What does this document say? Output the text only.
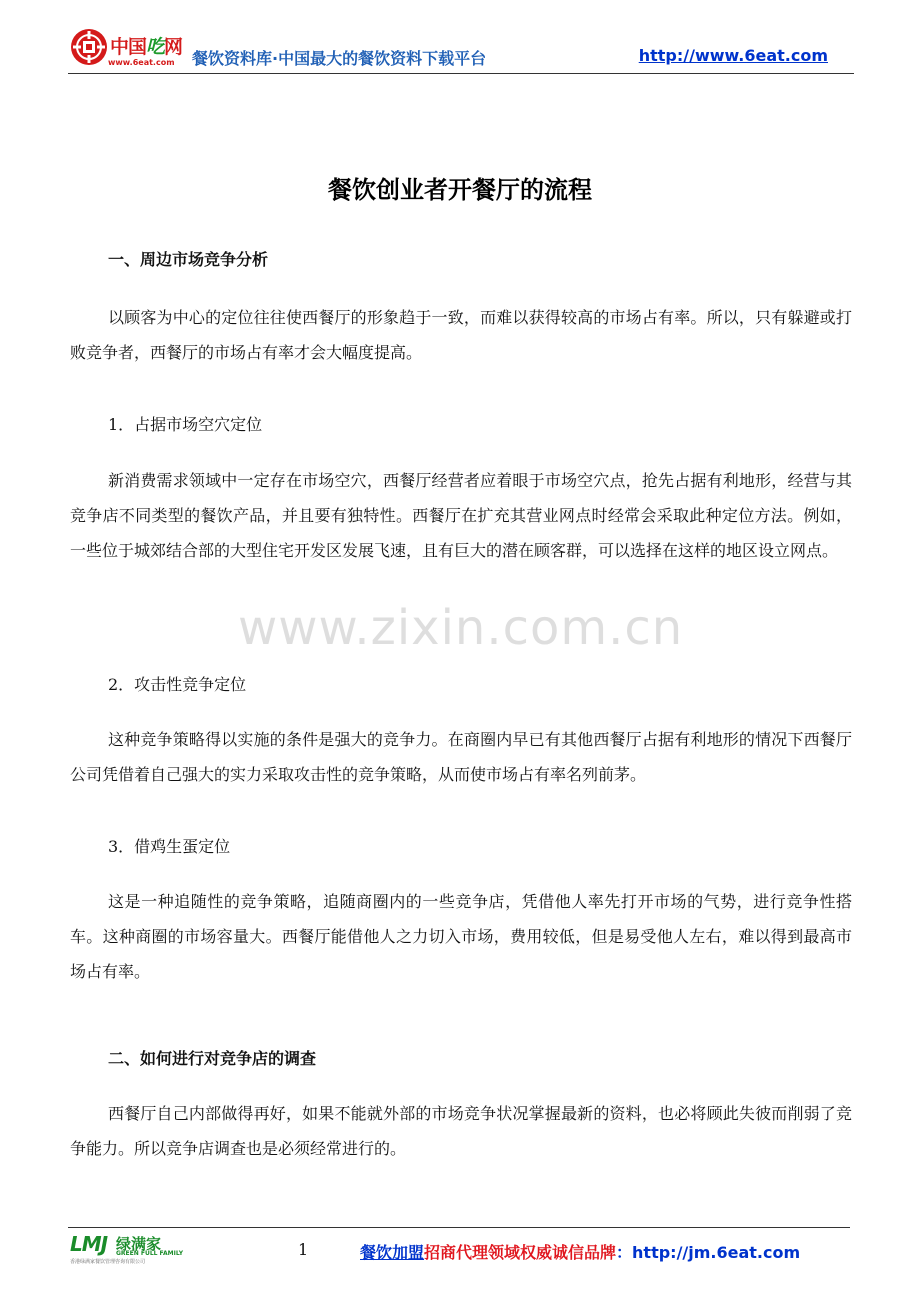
中国吃网
www.6eat.com 餐饮资料库·中国最大的餐饮资料下载平台	http://www.6eat.com
餐饮创业者开餐厅的流程
一、周边市场竞争分析
以顾客为中心的定位往往使西餐厅的形象趋于一致，而难以获得较高的市场占有率。所以，只有躲避或打败竞争者，西餐厅的市场占有率才会大幅度提高。
1．占据市场空穴定位
新消费需求领域中一定存在市场空穴，西餐厅经营者应着眼于市场空穴点，抢先占据有利地形，经营与其竞争店不同类型的餐饮产品，并且要有独特性。西餐厅在扩充其营业网点时经常会采取此种定位方法。例如，一些位于城郊结合部的大型住宅开发区发展飞速，且有巨大的潜在顾客群，可以选择在这样的地区设立网点。
2．攻击性竞争定位
这种竞争策略得以实施的条件是强大的竞争力。在商圈内早已有其他西餐厅占据有利地形的情况下西餐厅公司凭借着自己强大的实力采取攻击性的竞争策略，从而使市场占有率名列前茅。
3．借鸡生蛋定位
这是一种追随性的竞争策略，追随商圈内的一些竞争店，凭借他人率先打开市场的气势，进行竞争性搭车。这种商圈的市场容量大。西餐厅能借他人之力切入市场，费用较低，但是易受他人左右，难以得到最高市场占有率。
二、如何进行对竞争店的调查
西餐厅自己内部做得再好，如果不能就外部的市场竞争状况掌握最新的资料，也必将顾此失彼而削弱了竞争能力。所以竞争店调查也是必须经常进行的。
www.zixin.com.cn
LMJ 绿满家
GREEN FULL FAMILY
香港绿满家餐饮管理咨询有限公司
1	餐饮加盟招商代理领域权威诚信品牌：http://jm.6eat.com
